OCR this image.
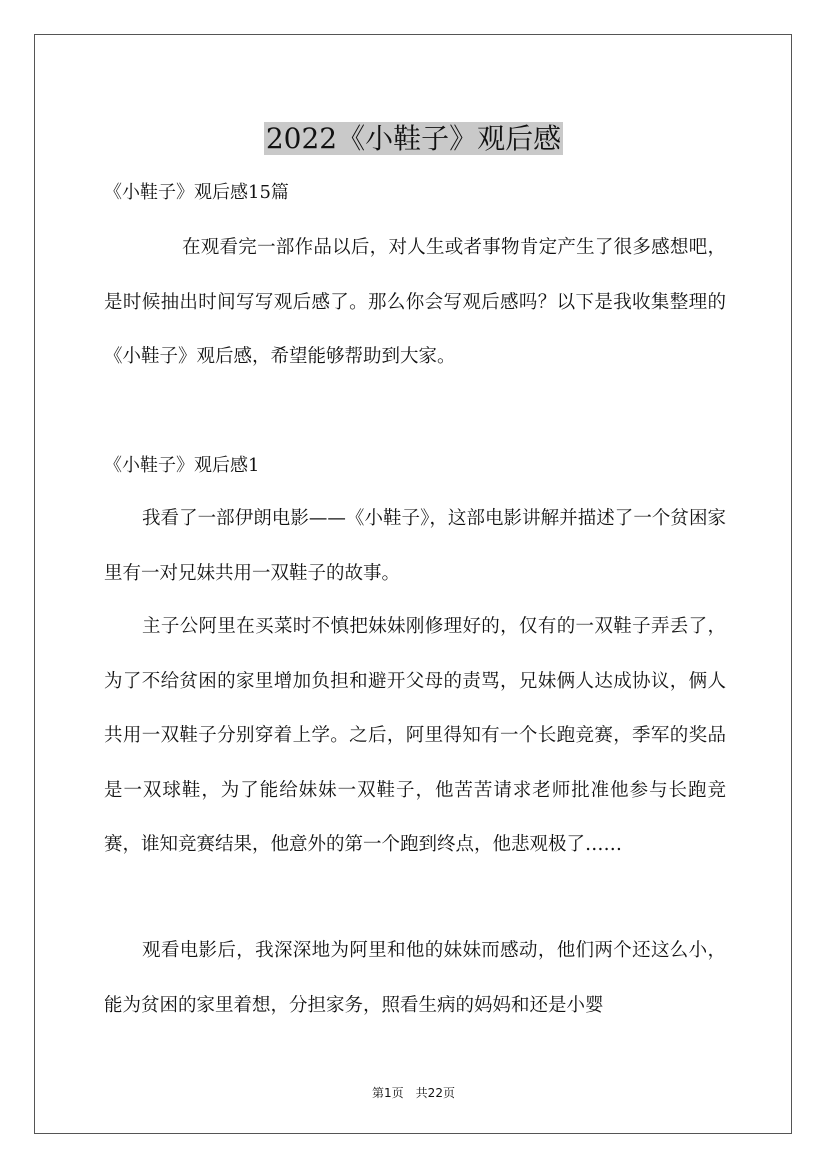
2022《小鞋子》观后感
《小鞋子》观后感15篇

在观看完一部作品以后，对人生或者事物肯定产生了很多感想吧，是时候抽出时间写写观后感了。那么你会写观后感吗？以下是我收集整理的《小鞋子》观后感，希望能够帮助到大家。

《小鞋子》观后感1

我看了一部伊朗电影——《小鞋子》，这部电影讲解并描述了一个贫困家里有一对兄妹共用一双鞋子的故事。

主子公阿里在买菜时不慎把妹妹刚修理好的，仅有的一双鞋子弄丢了，为了不给贫困的家里增加负担和避开父母的责骂，兄妹俩人达成协议，俩人共用一双鞋子分别穿着上学。之后，阿里得知有一个长跑竞赛，季军的奖品是一双球鞋，为了能给妹妹一双鞋子，他苦苦请求老师批准他参与长跑竞赛，谁知竞赛结果，他意外的第一个跑到终点，他悲观极了……

观看电影后，我深深地为阿里和他的妹妹而感动，他们两个还这么小，能为贫困的家里着想，分担家务，照看生病的妈妈和还是小婴

第1页　共22页
